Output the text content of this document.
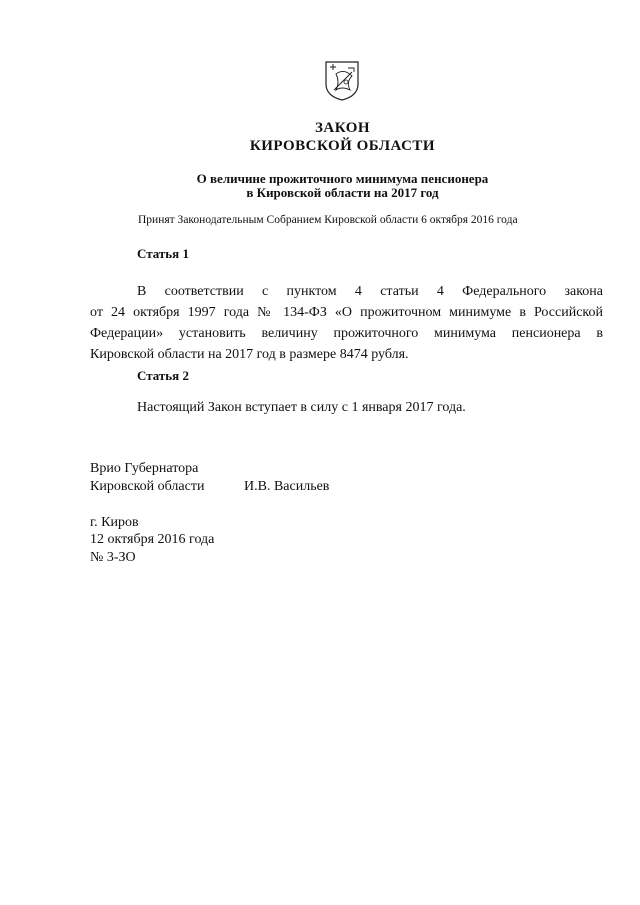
ЗАКОН
КИРОВСКОЙ ОБЛАСТИ
О величине прожиточного минимума пенсионера
в Кировской области на 2017 год
Принят Законодательным Собранием Кировской области 6 октября 2016 года
Статья 1
В соответствии с пунктом 4 статьи 4 Федерального закона
от 24 октября 1997 года № 134-ФЗ «О прожиточном минимуме в Российской
Федерации» установить величину прожиточного минимума пенсионера в
Кировской области на 2017 год в размере 8474 рубля.
Статья 2
Настоящий Закон вступает в силу с 1 января 2017 года.
Врио Губернатора
Кировской области	И.В. Васильев
г. Киров
12 октября 2016 года
№ 3-ЗО
